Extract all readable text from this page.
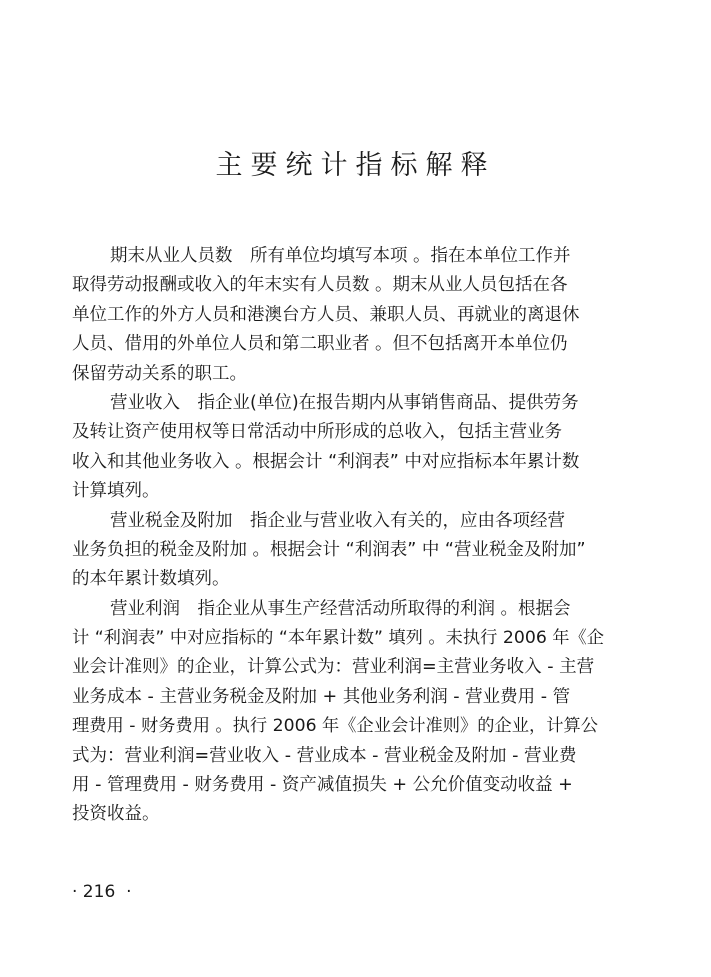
主要统计指标解释
期末从业人员数　所有单位均填写本项 。指在本单位工作并
取得劳动报酬或收入的年末实有人员数 。期末从业人员包括在各
单位工作的外方人员和港澳台方人员、兼职人员、再就业的离退休
人员、借用的外单位人员和第二职业者 。但不包括离开本单位仍
保留劳动关系的职工。
营业收入　指企业(单位)在报告期内从事销售商品、提供劳务
及转让资产使用权等日常活动中所形成的总收入，包括主营业务
收入和其他业务收入 。根据会计 “利润表” 中对应指标本年累计数
计算填列。
营业税金及附加　指企业与营业收入有关的，应由各项经营
业务负担的税金及附加 。根据会计 “利润表” 中 “营业税金及附加”
的本年累计数填列。
营业利润　指企业从事生产经营活动所取得的利润 。根据会
计 “利润表” 中对应指标的 “本年累计数” 填列 。未执行 2006 年《企
业会计准则》的企业，计算公式为：营业利润=主营业务收入 - 主营
业务成本 - 主营业务税金及附加 + 其他业务利润 - 营业费用 - 管
理费用 - 财务费用 。执行 2006 年《企业会计准则》的企业，计算公
式为：营业利润=营业收入 - 营业成本 - 营业税金及附加 - 营业费
用 - 管理费用 - 财务费用 - 资产减值损失 + 公允价值变动收益 +
投资收益。
· 216  ·
